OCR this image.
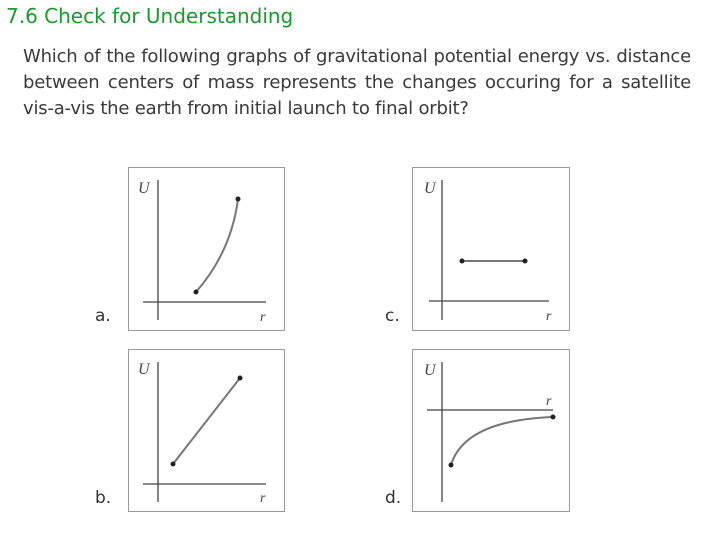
7.6 Check for Understanding
Which of the following graphs of gravitational potential energy vs. distance between centers of mass represents the changes occuring for a satellite vis-a-vis the earth from initial launch to final orbit?
a.
U
r	c.
U
r
b.
U
r	d.
U
r
